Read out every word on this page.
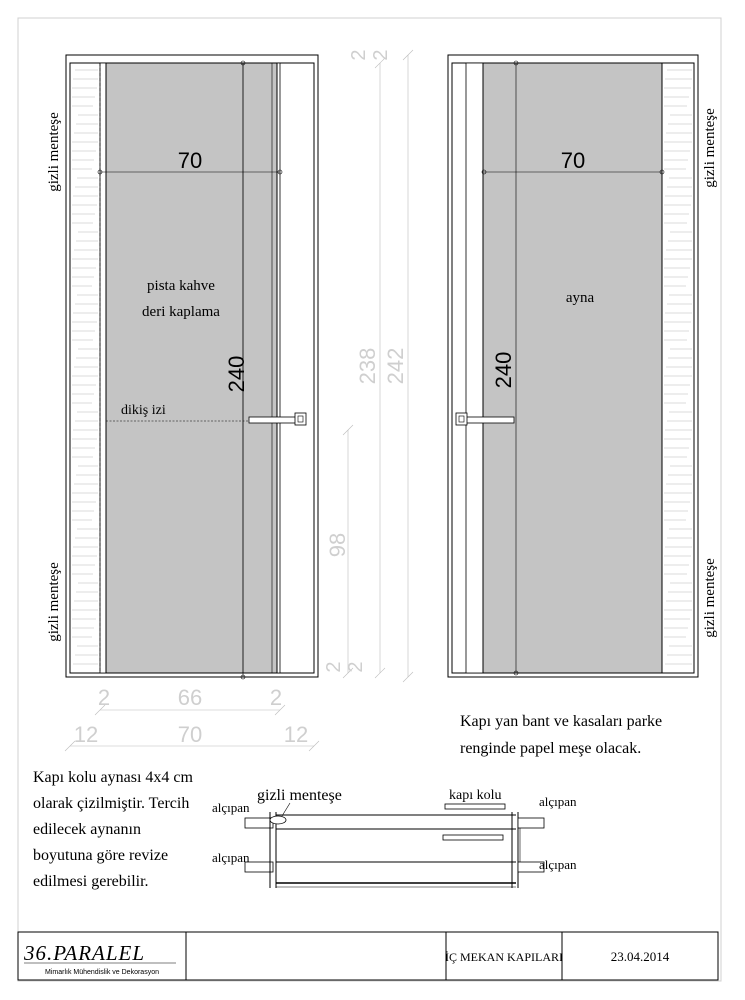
70
240
pista kahve
deri kaplama
dikiş izi
gizli menteşe
gizli menteşe
2	66	2
12	70	12
238 242
98
2 2
2 2
70
240
ayna
gizli menteşe
gizli menteşe
Kapı yan bant ve kasaları parke
renginde papel meşe olacak.
Kapı kolu aynası 4x4 cm
olarak çizilmiştir. Tercih
edilecek aynanın
boyutuna göre revize
edilmesi gerebilir.
gizli menteşe	kapı kolu
alçıpan
alçıpan
alçıpan
alçıpan
36.PARALEL
Mimarlık Mühendislik ve Dekorasyon
İÇ MEKAN KAPILARI	23.04.2014
